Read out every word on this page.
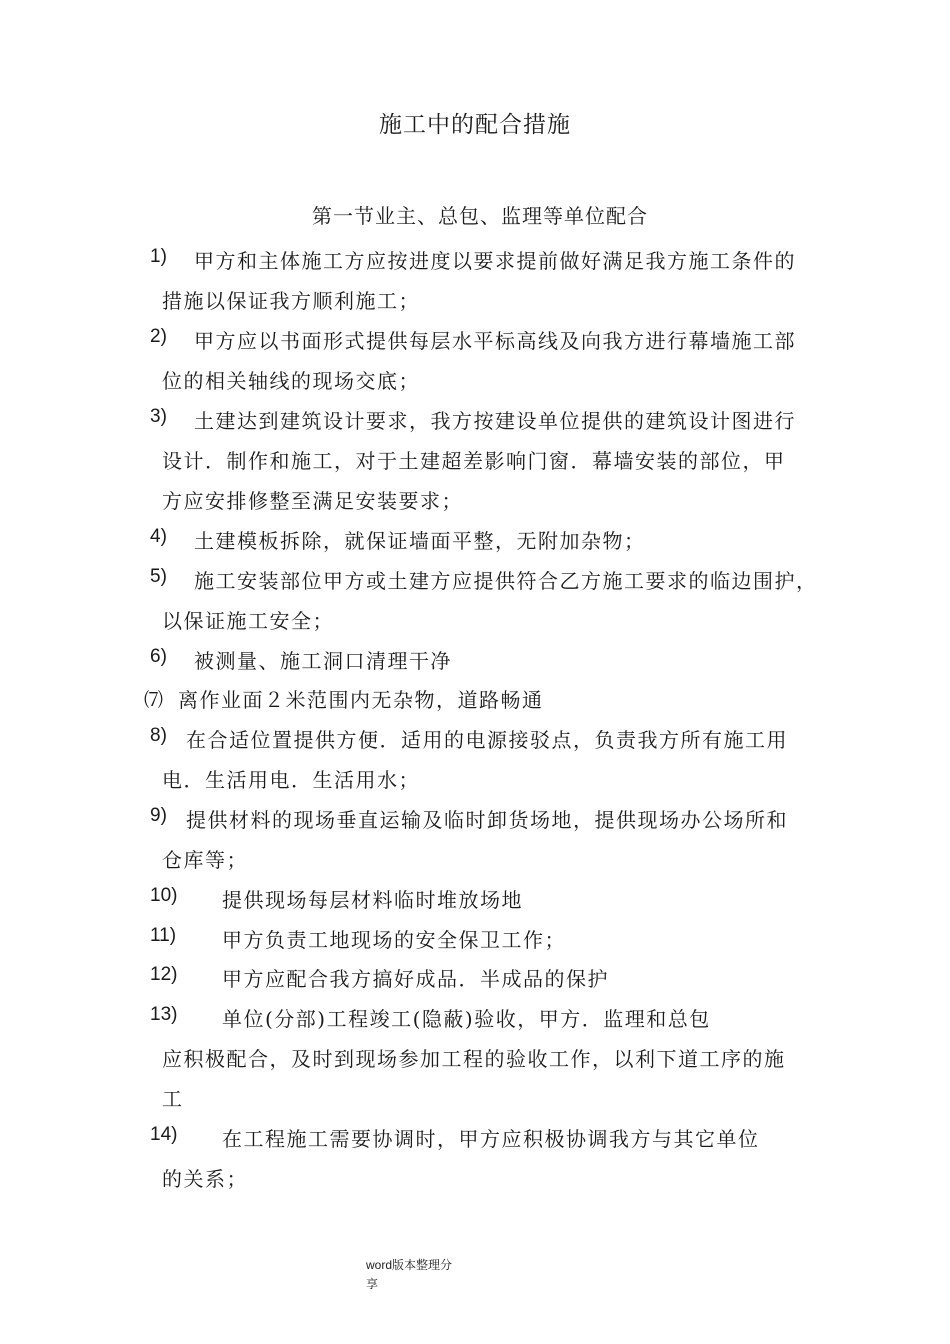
施工中的配合措施
第一节业主、总包、监理等单位配合
1) 甲方和主体施工方应按进度以要求提前做好满足我方施工条件的
措施以保证我方顺利施工；
2) 甲方应以书面形式提供每层水平标高线及向我方进行幕墙施工部
位的相关轴线的现场交底；
3) 土建达到建筑设计要求，我方按建设单位提供的建筑设计图进行
设计．制作和施工，对于土建超差影响门窗．幕墙安装的部位，甲
方应安排修整至满足安装要求；
4) 土建模板拆除，就保证墙面平整，无附加杂物；
5) 施工安装部位甲方或土建方应提供符合乙方施工要求的临边围护，
以保证施工安全；
6) 被测量、施工洞口清理干净
⑺ 离作业面２米范围内无杂物，道路畅通
8) 在合适位置提供方便．适用的电源接驳点，负责我方所有施工用
电．生活用电．生活用水；
9) 提供材料的现场垂直运输及临时卸货场地，提供现场办公场所和
仓库等；
10) 提供现场每层材料临时堆放场地
11) 甲方负责工地现场的安全保卫工作；
12) 甲方应配合我方搞好成品．半成品的保护
13) 单位(分部)工程竣工(隐蔽)验收，甲方．监理和总包
应积极配合，及时到现场参加工程的验收工作，以利下道工序的施
工
14) 在工程施工需要协调时，甲方应积极协调我方与其它单位
的关系；
word版本整理分
享
